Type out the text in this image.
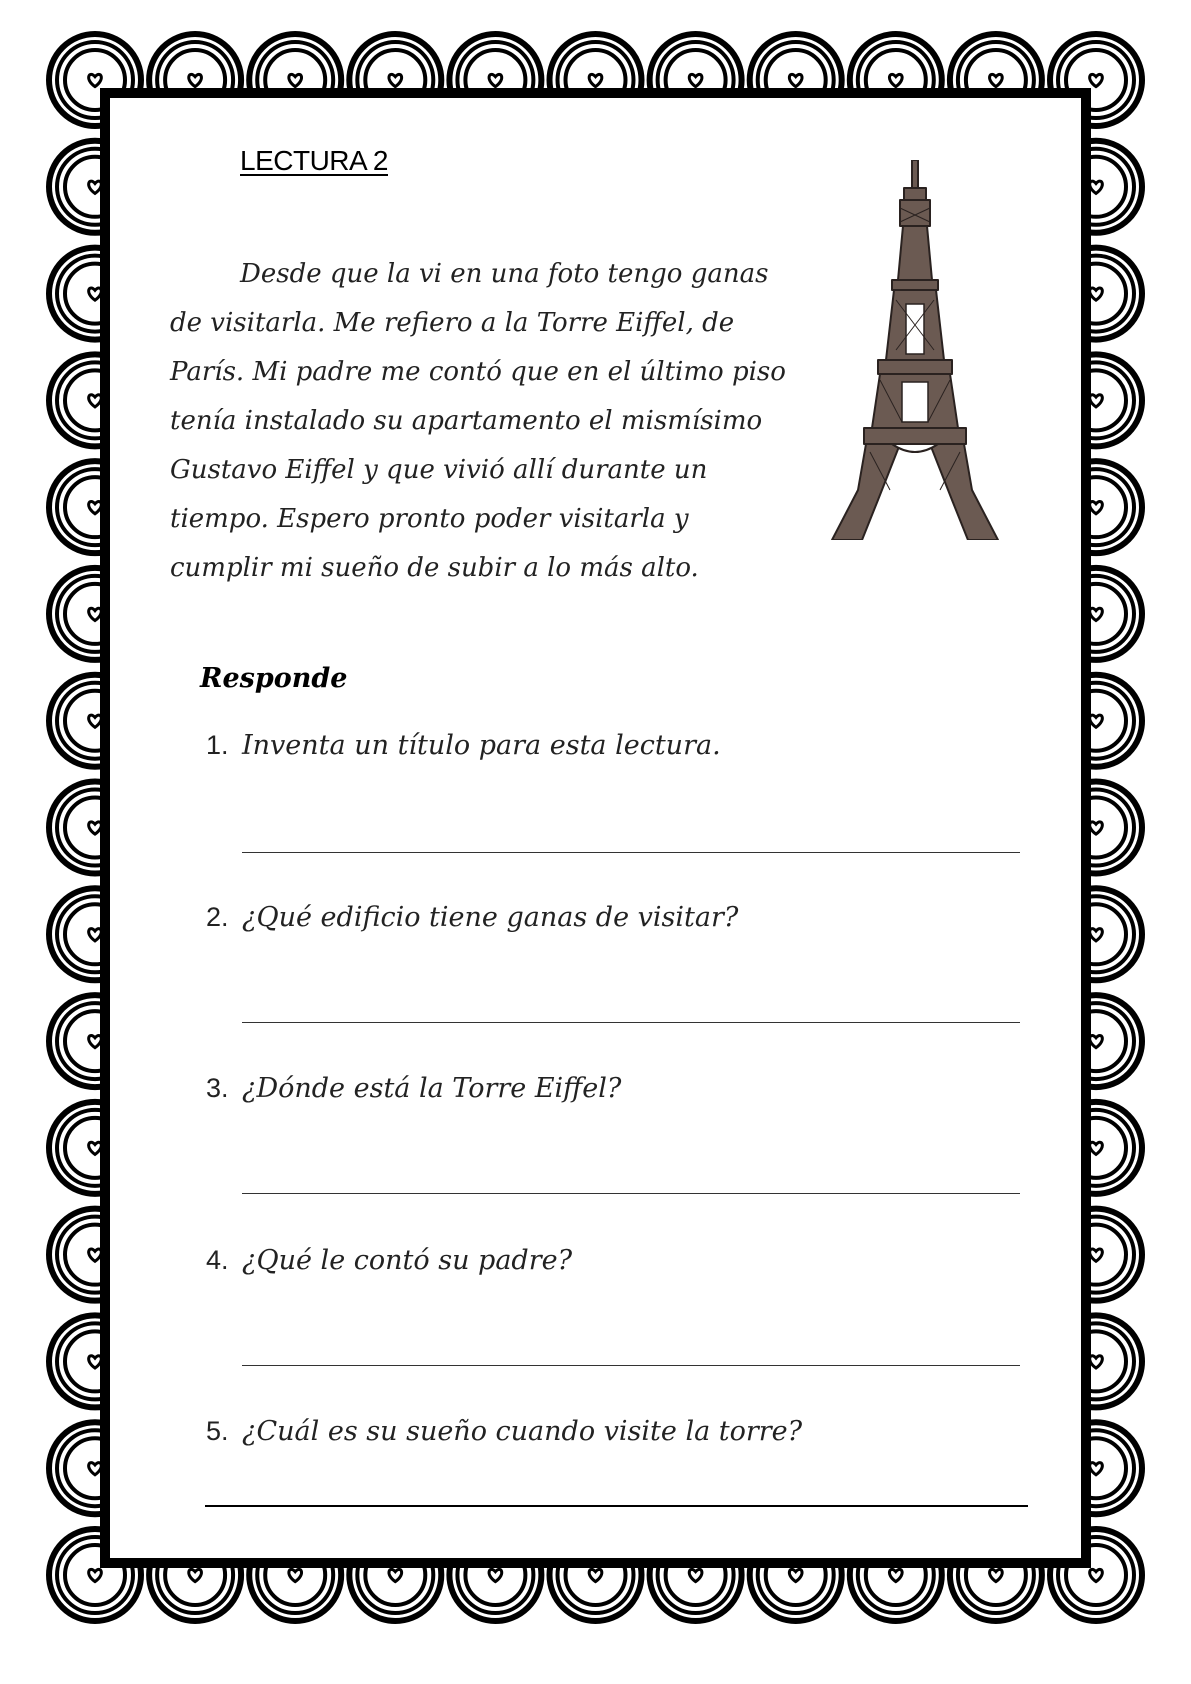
LECTURA 2

Desde que la vi en una foto tengo ganas de visitarla. Me refiero a la Torre Eiffel, de París. Mi padre me contó que en el último piso tenía instalado su apartamento el mismísimo Gustavo Eiffel y que vivió allí durante un tiempo. Espero pronto poder visitarla y cumplir mi sueño de subir a lo más alto.

Responde
1. Inventa un título para esta lectura.
2. ¿Qué edificio tiene ganas de visitar?
3. ¿Dónde está la Torre Eiffel?
4. ¿Qué le contó su padre?
5. ¿Cuál es su sueño cuando visite la torre?
